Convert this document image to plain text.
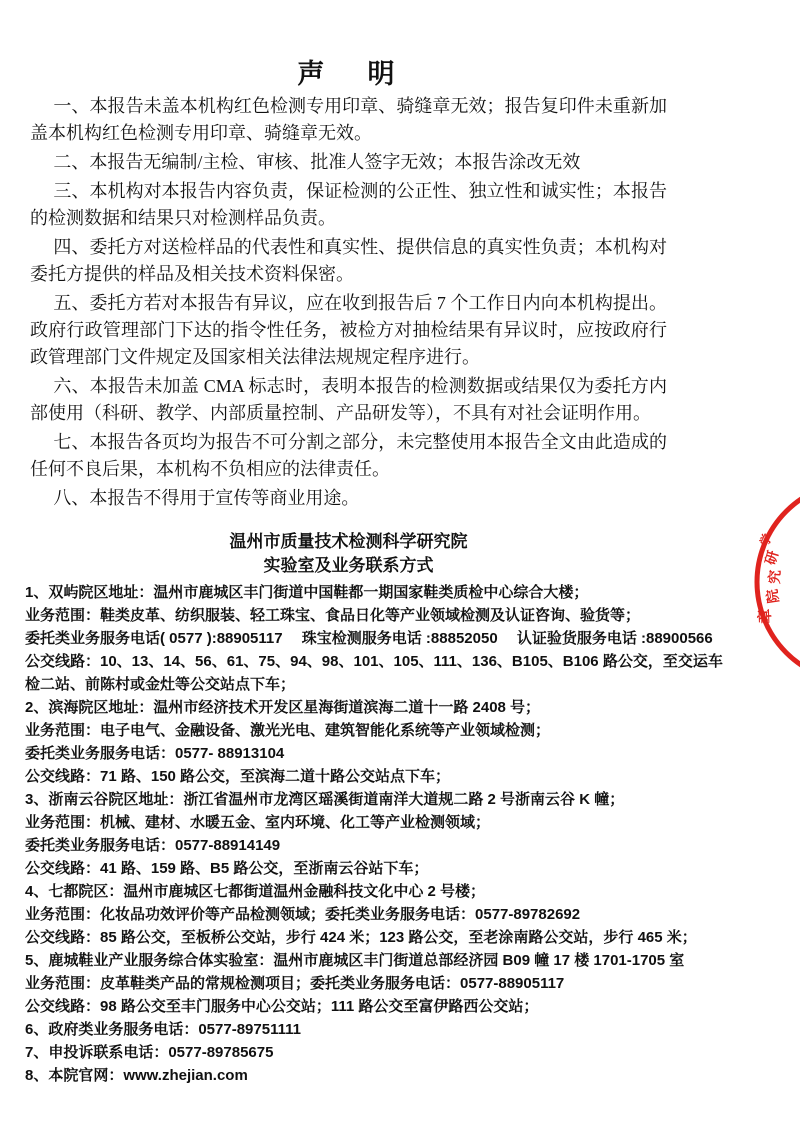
声　明

一、本报告未盖本机构红色检测专用印章、骑缝章无效；报告复印件未重新加盖本机构红色检测专用印章、骑缝章无效。

二、本报告无编制/主检、审核、批准人签字无效；本报告涂改无效

三、本机构对本报告内容负责，保证检测的公正性、独立性和诚实性；本报告的检测数据和结果只对检测样品负责。

四、委托方对送检样品的代表性和真实性、提供信息的真实性负责；本机构对委托方提供的样品及相关技术资料保密。

五、委托方若对本报告有异议，应在收到报告后 7 个工作日内向本机构提出。政府行政管理部门下达的指令性任务，被检方对抽检结果有异议时，应按政府行政管理部门文件规定及国家相关法律法规规定程序进行。

六、本报告未加盖 CMA 标志时，表明本报告的检测数据或结果仅为委托方内部使用（科研、教学、内部质量控制、产品研发等），不具有对社会证明作用。

七、本报告各页均为报告不可分割之部分，未完整使用本报告全文由此造成的任何不良后果，本机构不负相应的法律责任。

八、本报告不得用于宣传等商业用途。

温州市质量技术检测科学研究院
实验室及业务联系方式
1、双屿院区地址：温州市鹿城区丰门街道中国鞋都一期国家鞋类质检中心综合大楼；
业务范围：鞋类皮革、纺织服装、轻工珠宝、食品日化等产业领域检测及认证咨询、验货等；
委托类业务服务电话( 0577 ):88905117　 珠宝检测服务电话 :88852050　 认证验货服务电话 :88900566
公交线路：10、13、14、56、61、75、94、98、101、105、111、136、B105、B106 路公交，至交运车
检二站、前陈村或金灶等公交站点下车；
2、滨海院区地址：温州市经济技术开发区星海街道滨海二道十一路 2408 号；
业务范围：电子电气、金融设备、激光光电、建筑智能化系统等产业领域检测；
委托类业务服务电话：0577- 88913104
公交线路：71 路、150 路公交，至滨海二道十路公交站点下车；
3、浙南云谷院区地址：浙江省温州市龙湾区瑶溪街道南洋大道规二路 2 号浙南云谷 K 幢；
业务范围：机械、建材、水暖五金、室内环境、化工等产业检测领域；
委托类业务服务电话：0577-88914149
公交线路：41 路、159 路、B5 路公交，至浙南云谷站下车；
4、七都院区：温州市鹿城区七都街道温州金融科技文化中心 2 号楼；
业务范围：化妆品功效评价等产品检测领域；委托类业务服务电话：0577-89782692
公交线路：85 路公交，至板桥公交站，步行 424 米；123 路公交，至老涂南路公交站，步行 465 米；
5、鹿城鞋业产业服务综合体实验室：温州市鹿城区丰门街道总部经济园 B09 幢 17 楼 1701-1705 室
业务范围：皮革鞋类产品的常规检测项目；委托类业务服务电话：0577-88905117
公交线路：98 路公交至丰门服务中心公交站；111 路公交至富伊路西公交站；
6、政府类业务服务电话：0577-89751111
7、申投诉联系电话：0577-89785675
8、本院官网：www.zhejian.com
学
研
究
院
章
